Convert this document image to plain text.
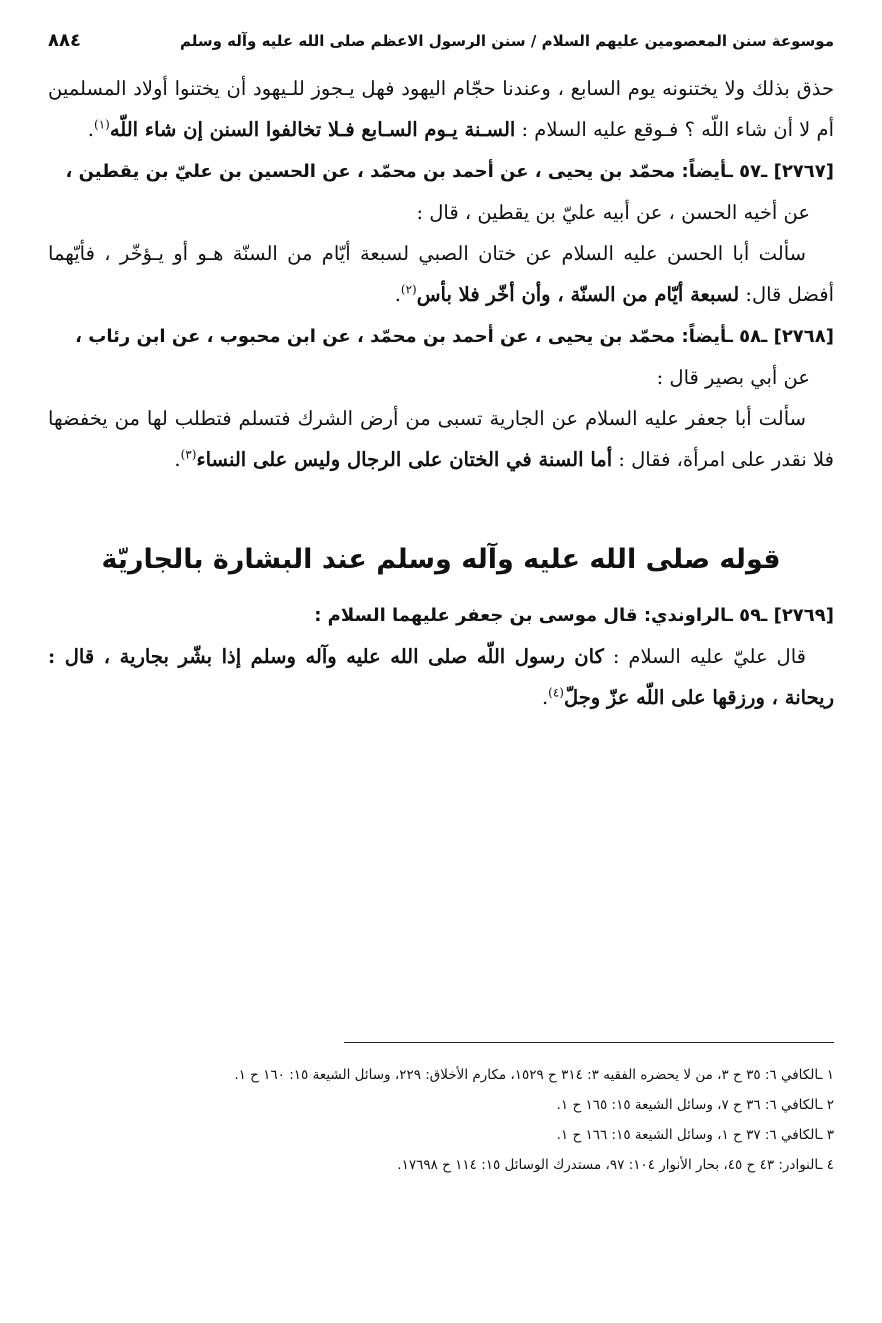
موسوعة سنن المعصومين عليهم السلام / سنن الرسول الاعظم صلى الله عليه وآله وسلم
٨٨٤

حذق بذلك ولا يختنونه يوم السابع ، وعندنا حجّام اليهود فهل يـجوز للـيهود أن يختنوا أولاد المسلمين أم لا أن شاء اللّه ؟ فـوقع عليه السلام : السـنة يـوم السـابع فـلا تخالفوا السنن إن شاء اللّه$^{(١)}$.

[٢٧٦٧] ـ٥٧ ـأيضاً: محمّد بن يحيى ، عن أحمد بن محمّد ، عن الحسين بن عليّ بن يقطين ،

عن أخيه الحسن ، عن أبيه عليّ بن يقطين ، قال :

سألت أبا الحسن عليه السلام عن ختان الصبي لسبعة أيّام من السنّة هـو أو يـؤخّر ، فأيّهما أفضل قال: لسبعة أيّام من السنّة ، وأن أخّر فلا بأس$^{(٢)}$.

[٢٧٦٨] ـ٥٨ ـأيضاً: محمّد بن يحيى ، عن أحمد بن محمّد ، عن ابن محبوب ، عن ابن رئاب ،

عن أبي بصير قال :

سألت أبا جعفر عليه السلام عن الجارية تسبى من أرض الشرك فتسلم فتطلب لها من يخفضها فلا نقدر على امرأة، فقال : أما السنة في الختان على الرجال وليس على النساء$^{(٣)}$.

قوله صلى الله عليه وآله وسلم عند البشارة بالجاريّة

[٢٧٦٩] ـ٥٩ ـالراوندي: قال موسى بن جعفر عليهما السلام :

قال عليّ عليه السلام : كان رسول اللّه صلى الله عليه وآله وسلم إذا بشّر بجارية ، قال : ريحانة ، ورزقها على اللّه عزّ وجلّ$^{(٤)}$.

١ ـالكافي ٦: ٣٥ ح ٣، من لا يحضره الفقيه ٣: ٣١٤ ح ١٥٢٩، مكارم الأخلاق: ٢٢٩، وسائل الشيعة ١٥: ١٦٠ ح ١.

٢ ـالكافي ٦: ٣٦ ح ٧، وسائل الشيعة ١٥: ١٦٥ ح ١.

٣ ـالكافي ٦: ٣٧ ح ١، وسائل الشيعة ١٥: ١٦٦ ح ١.

٤ ـالنوادر: ٤٣ ح ٤٥، بحار الأنوار ١٠٤: ٩٧، مستدرك الوسائل ١٥: ١١٤ ح ١٧٦٩٨.
